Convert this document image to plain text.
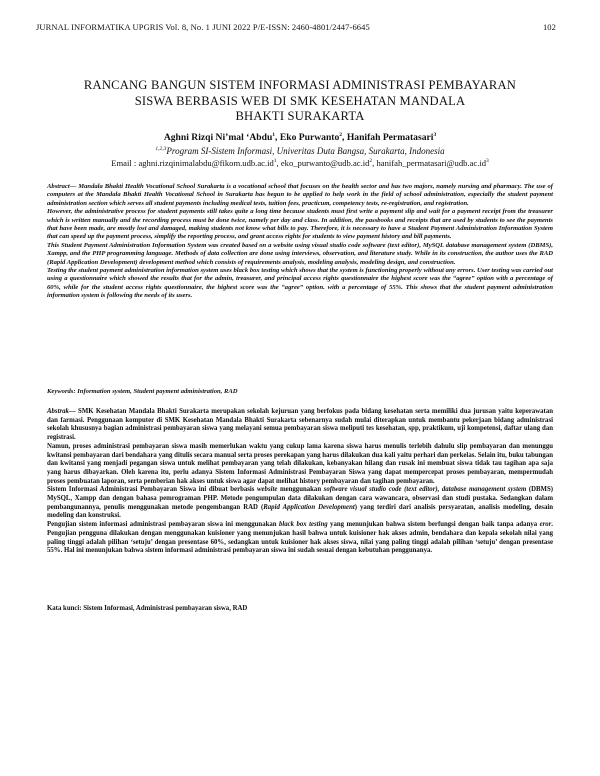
JURNAL INFORMATIKA UPGRIS Vol. 8, No. 1 JUNI 2022 P/E-ISSN: 2460-4801/2447-6645	102
RANCANG BANGUN SISTEM INFORMASI ADMINISTRASI PEMBAYARAN
SISWA BERBASIS WEB DI SMK KESEHATAN MANDALA
BHAKTI SURAKARTA
Aghni Rizqi Ni’mal ‘Abdu$^1$, Eko Purwanto$^2$, Hanifah Permatasari$^3$
$^{1,2,3}$Program SI-Sistem Informasi, Univeritas Duta Bangsa, Surakarta, Indonesia
Email : $aghni.rizqinimalabdu@fikom.udb.ac.id^1$, $eko\_purwanto@udb.ac.id^2$, $hanifah\_permatasari@udb.ac.id^3$

Abstract— Mandala Bhakti Health Vocational School Surakarta is a vocational school that focuses on the health sector and has two majors, namely nursing and pharmacy. The use of computers at the Mandala Bhakti Health Vocational School in Surakarta has begun to be applied to help work in the field of school administration, especially the student payment administration section which serves all student payments including medical tests, tuition fees, practicum, competency tests, re-registration, and registration.

However, the administrative process for student payments still takes quite a long time because students must first write a payment slip and wait for a payment receipt from the treasurer which is written manually and the recording process must be done twice, namely per day and class. In addition, the passbooks and receipts that are used by students to see the payments that have been made, are mostly lost and damaged, making students not know what bills to pay. Therefore, it is necessary to have a Student Payment Administration Information System that can speed up the payment process, simplify the reporting process, and grant access rights for students to view payment history and bill payments.

This Student Payment Administration Information System was created based on a website using visual studio code software (text editor), MySQL database management system (DBMS), Xampp, and the PHP programming language. Methods of data collection are done using interviews, observation, and literature study. While in its construction, the author uses the RAD (Rapid Application Development) development method which consists of requirements analysis, modeling analysis, modeling design, and construction.

Testing the student payment administration information system uses black box testing which shows that the system is functioning properly without any errors. User testing was carried out using a questionnaire which showed the results that for the admin, treasurer, and principal access rights questionnaire the highest score was the “agree” option with a percentage of 60%, while for the student access rights questionnaire, the highest score was the “agree” option. with a percentage of 55%. This shows that the student payment administration information system is following the needs of its users.

Keywords: Information system, Student payment administration, RAD

Abstrak— SMK Kesehatan Mandala Bhakti Surakarta merupakan sekolah kejuruan yang berfokus pada bidang kesehatan serta memiliki dua jurusan yaitu keperawatan dan farmasi. Penggunaan komputer di SMK Kesehatan Mandala Bhakti Surakarta sebenarnya sudah mulai diterapkan untuk membantu pekerjaan bidang administrasi sekolah khususnya bagian administrasi pembayaran siswa yang melayani semua pembayaran siswa meliputi tes kesehatan, spp, praktikum, uji kompetensi, daftar ulang dan registrasi.

Namun, proses administrasi pembayaran siswa masih memerlukan waktu yang cukup lama karena siswa harus menulis terlebih dahulu slip pembayaran dan menunggu kwitansi pembayaran dari bendahara yang ditulis secara manual serta proses perekapan yang harus dilakukan dua kali yaitu perhari dan perkelas. Selain itu, buku tabungan dan kwitansi yang menjadi pegangan siswa untuk melihat pembayaran yang telah dilakukan, kebanyakan hilang dan rusak ini membuat siswa tidak tau tagihan apa saja yang harus dibayarkan. Oleh karena itu, perlu adanya Sistem Informasi Administrasi Pembayaran Siswa yang dapat mempercepat proses pembayaran, mempermudah proses pembuatan laporan, serta pemberian hak akses untuk siswa agar dapat melihat history pembayaran dan tagihan pembayaran.

Sistem Informasi Administrasi Pembayaran Siswa ini dibuat berbasis website menggunakan software visual studio code (text editor), database management system (DBMS) MySQL, Xampp dan dengan bahasa pemrograman PHP. Metode pengumpulan data dilakukan dengan cara wawancara, observasi dan studi pustaka. Sedangkan dalam pembangunannya, penulis menggunakan metode pengembangan RAD (Rapid Application Development) yang terdiri dari analisis persyaratan, analisis modeling, desain modeling dan konstruksi.

Pengujian sistem informasi administrasi pembayaran siswa ini menggunakan black box testing yang menunjukan bahwa sistem berfungsi dengan baik tanpa adanya eror. Pengujian pengguna dilakukan dengan menggunakan kuisioner yang menunjukan hasil bahwa untuk kuisioner hak akses admin, bendahara dan kepala sekolah nilai yang paling tinggi adalah pilihan ‘setuju’ dengan presentase 60%, sedangkan untuk kuisioner hak akses siswa, nilai yang paling tinggi adalah pilihan ‘setuju’ dengan presentase 55%. Hal ini menunjukan bahwa sistem informasi administrasi pembayaran siswa ini sudah sesuai dengan kebutuhan penggunanya.

Kata kunci: Sistem Informasi, Administrasi pembayaran siswa, RAD
